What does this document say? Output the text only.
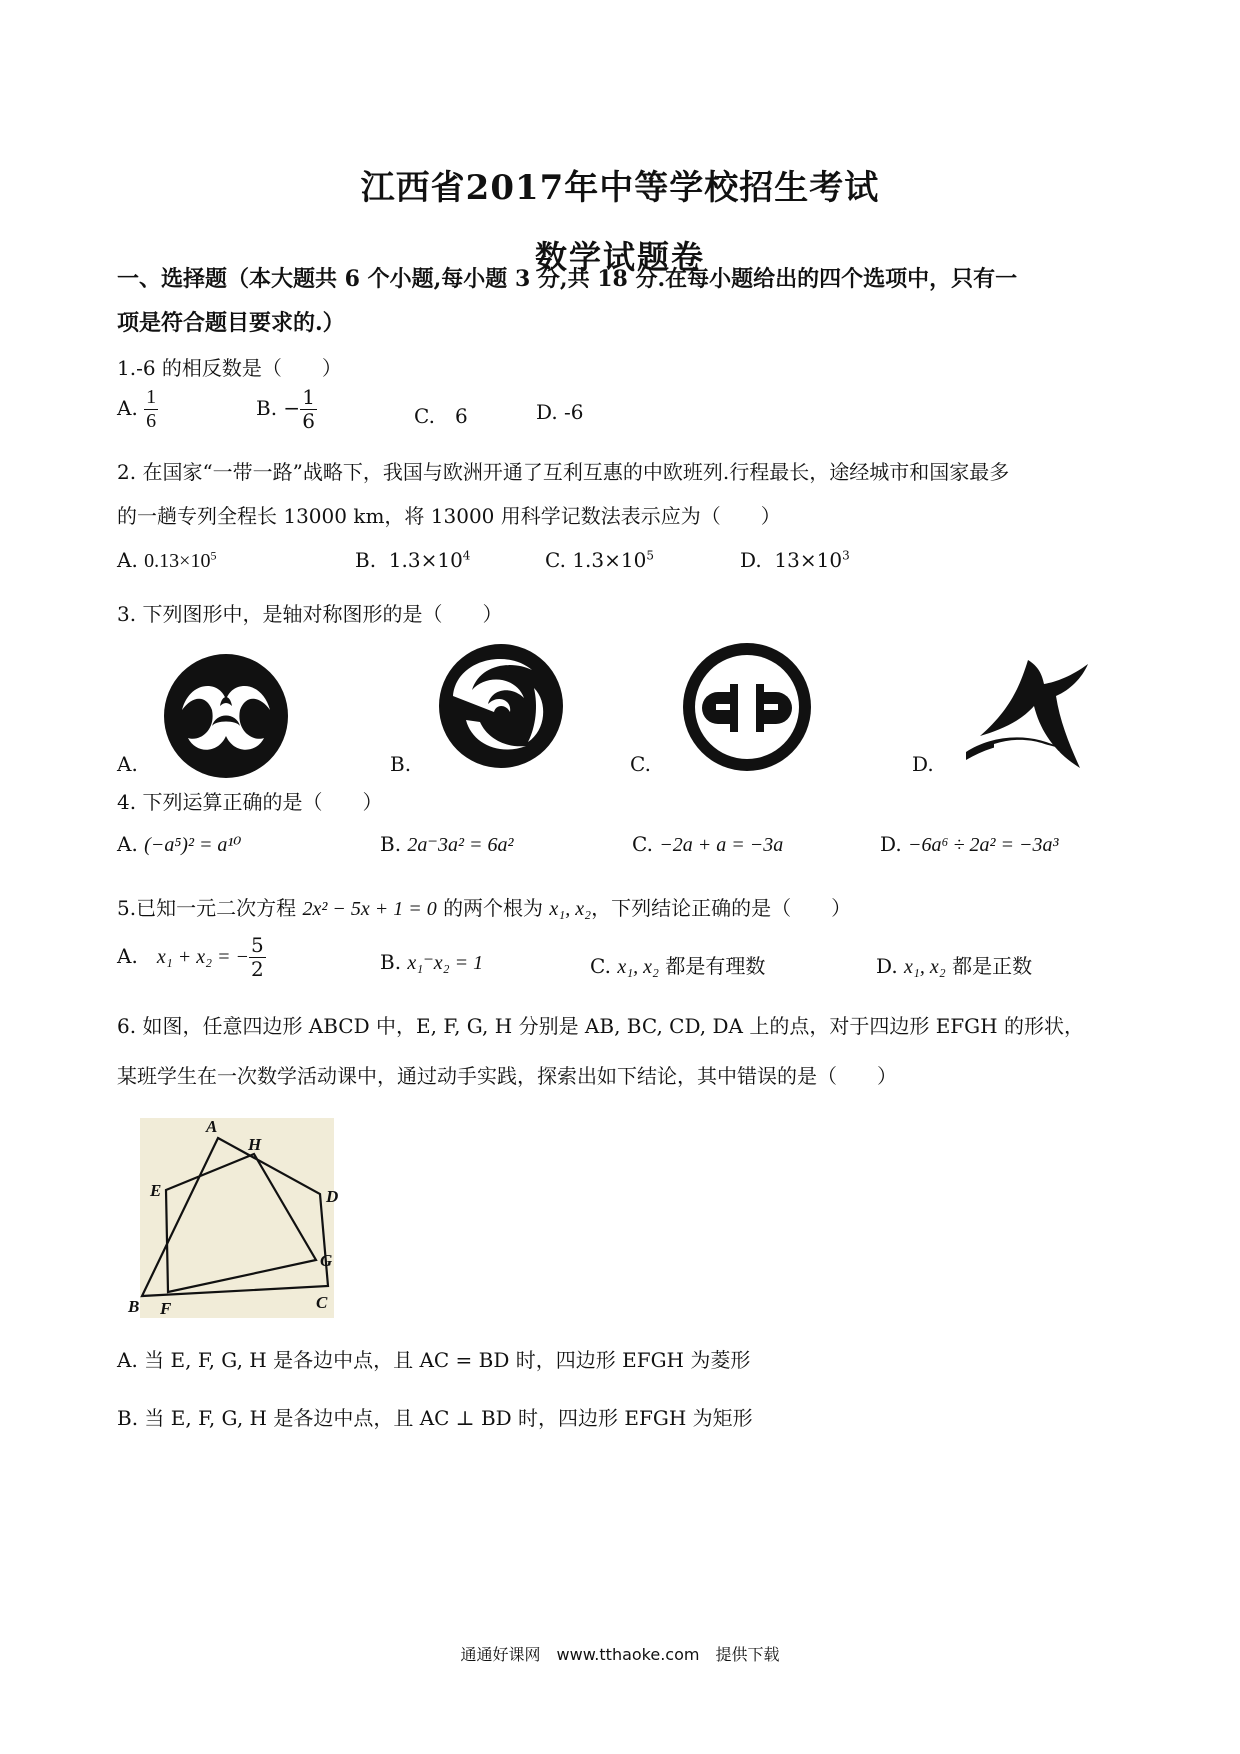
江西省2017年中等学校招生考试
数学试题卷
一、选择题（本大题共 6 个小题,每小题 3 分,共 18 分.在每小题给出的四个选项中，只有一
项是符合题目要求的.）
1.-6 的相反数是（　　）
A. $\frac{1}{6}$	B. − $\frac{1}{6}$	C.　6	D. -6
2. 在国家“一带一路”战略下，我国与欧洲开通了互利互惠的中欧班列.行程最长，途经城市和国家最多
的一趟专列全程长 13000 km，将 13000 用科学记数法表示应为（　　）
A. $0.13\times 10^5$	B. $1.3\times 10^4$	C. $1.3\times 10^5$	D. $13\times 10^3$
3. 下列图形中，是轴对称图形的是（　　）
A.	B.	C.	D.
4. 下列运算正确的是（　　）
A. (−a⁵)² = a¹⁰	B. 2a⁻3a² = 6a²	C. −2a + a = −3a	D. −6a⁶ ÷ 2a² = −3a³
5.已知一元二次方程 2x² − 5x + 1 = 0 的两个根为 x₁, x₂，下列结论正确的是（　　）
A. x₁ + x₂ = − $\frac{5}{2}$	B. x₁⁻x₂ = 1	C. x₁, x₂ 都是有理数	D. x₁, x₂ 都是正数
6. 如图，任意四边形 ABCD 中，E, F, G, H 分别是 AB, BC, CD, DA 上的点，对于四边形 EFGH 的形状，
某班学生在一次数学活动课中，通过动手实践，探索出如下结论，其中错误的是（　　）
A
H
E	D
G
B F	C
A. 当 E, F, G, H 是各边中点，且 AC = BD 时，四边形 EFGH 为菱形
B. 当 E, F, G, H 是各边中点，且 AC ⊥ BD 时，四边形 EFGH 为矩形
通通好课网　www.tthaoke.com　提供下载
